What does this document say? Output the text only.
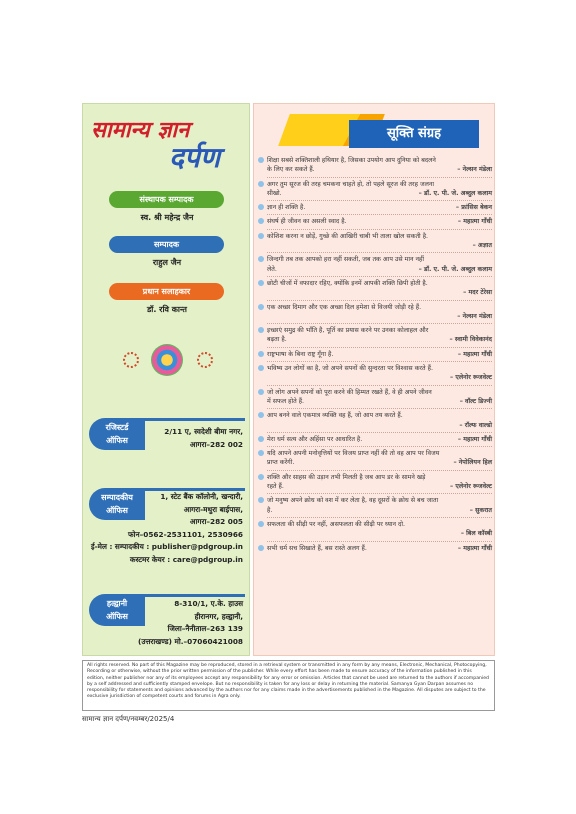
सामान्य ज्ञान
दर्पण
संस्थापक सम्पादक
स्व. श्री महेन्द्र जैन
सम्पादक
राहुल जैन
प्रधान सलाहकार
डॉ. रवि कान्त
रजिस्टर्ड
ऑफिस
2/11 ए, स्वदेशी बीमा नगर,
आगरा–282 002
सम्पादकीय
ऑफिस
1, स्टेट बैंक कॉलोनी, खन्दारी,
आगरा-मथुरा बाईपास,
आगरा–282 005
फोन–0562-2531101, 2530966
ई-मेल : सम्पादकीय : publisher@pdgroup.in
कस्टमर केयर : care@pdgroup.in
हल्द्वानी
ऑफिस
8-310/1, ए.के. हाउस
हीरानगर, हल्द्वानी,
जिला–नैनीताल–263 139
(उत्तराखण्ड) मो.–07060421008
सूक्ति संग्रह
शिक्षा सबसे शक्तिशाली हथियार है, जिसका उपयोग आप दुनिया को बदलने
के लिए कर सकते हैं.	– नेल्सन मंडेला
अगर तुम सूरज की तरह चमकना चाहते हो, तो पहले सूरज की तरह जलना
सीखो.	– डॉ. ए. पी. जे. अब्दुल कलाम
ज्ञान ही शक्ति है.	– फ्रांसिस बेकन
संघर्ष ही जीवन का असली स्वाद है.	– महात्मा गाँधी
कोशिश करना न छोड़ें, गुच्छे की आखिरी चाबी भी ताला खोल सकती है.
– अज्ञात
जिन्दगी तब तक आपको हरा नहीं सकती, जब तक आप उसे मान नहीं
लेते.	– डॉ. ए. पी. जे. अब्दुल कलाम
छोटी चीजों में वफादार रहिए, क्योंकि इनमें आपकी शक्ति छिपी होती है.
– मदर टेरेसा
एक अच्छा दिमाग और एक अच्छा दिल हमेशा से विजयी जोड़ी रहे हैं.
– नेल्सन मंडेला
इच्छाएं समुद्र की भाँति है, पूर्ति का प्रयास करने पर उनका कोलाहल और
बढ़ता है.	– स्वामी विवेकानंद
राष्ट्रभाषा के बिना राष्ट्र गूँगा है.	– महात्मा गाँधी
भविष्य उन लोगों का है, जो अपने सपनों की सुन्दरता पर विश्वास करते हैं.
– एलेनोर रूजवेल्ट
जो लोग अपने सपनों को पूरा करने की हिम्मत रखते हैं, वे ही अपने जीवन
में सफल होते हैं.	– वॉल्ट डिज्नी
आप बनने वाले एकमात्र व्यक्ति वह हैं, जो आप तय करते हैं.
– रॉल्फ वाल्डो
मेरा धर्म सत्य और अहिंसा पर आधारित है.	– महात्मा गाँधी
यदि आपने अपनी मनोवृत्तियों पर विजय प्राप्त नहीं की तो वह आप पर विजय
प्राप्त करेंगी.	– नेपोलियन हिल
शक्ति और साहस की उड़ान तभी मिलती है जब आप डर के सामने खड़े
रहते हैं.	– एलेनोर रूजवेल्ट
जो मनुष्य अपने क्रोध को वश में कर लेता है, वह दूसरों के क्रोध से बच जाता
है.	– सुकरात
सफलता की सीढ़ी पर नहीं, असफलता की सीढ़ी पर ध्यान दो.
– बिल कॉस्बी
सभी धर्म सच सिखाते हैं, बस रास्ते अलग हैं.	– महात्मा गाँधी
All rights reserved. No part of this Magazine may be reproduced, stored in a retrieval system or transmitted in any form by any means, Electronic, Mechanical, Photocopying, Recording or otherwise, without the prior written permission of the publisher. While every effort has been made to ensure accuracy of the information published in this edition, neither publisher nor any of its employees accept any responsibility for any error or omission. Articles that cannot be used are returned to the authors if accompanied by a self addressed and sufficiently stamped envelope. But no responsibility is taken for any loss or delay in returning the material. Samanya Gyan Darpan assumes no responsibility for statements and opinions advanced by the authors nor for any claims made in the advertisements published in the Magazine. All disputes are subject to the exclusive jurisdiction of competent courts and forums in Agra only.
सामान्य ज्ञान दर्पण/नवम्बर/2025/4
